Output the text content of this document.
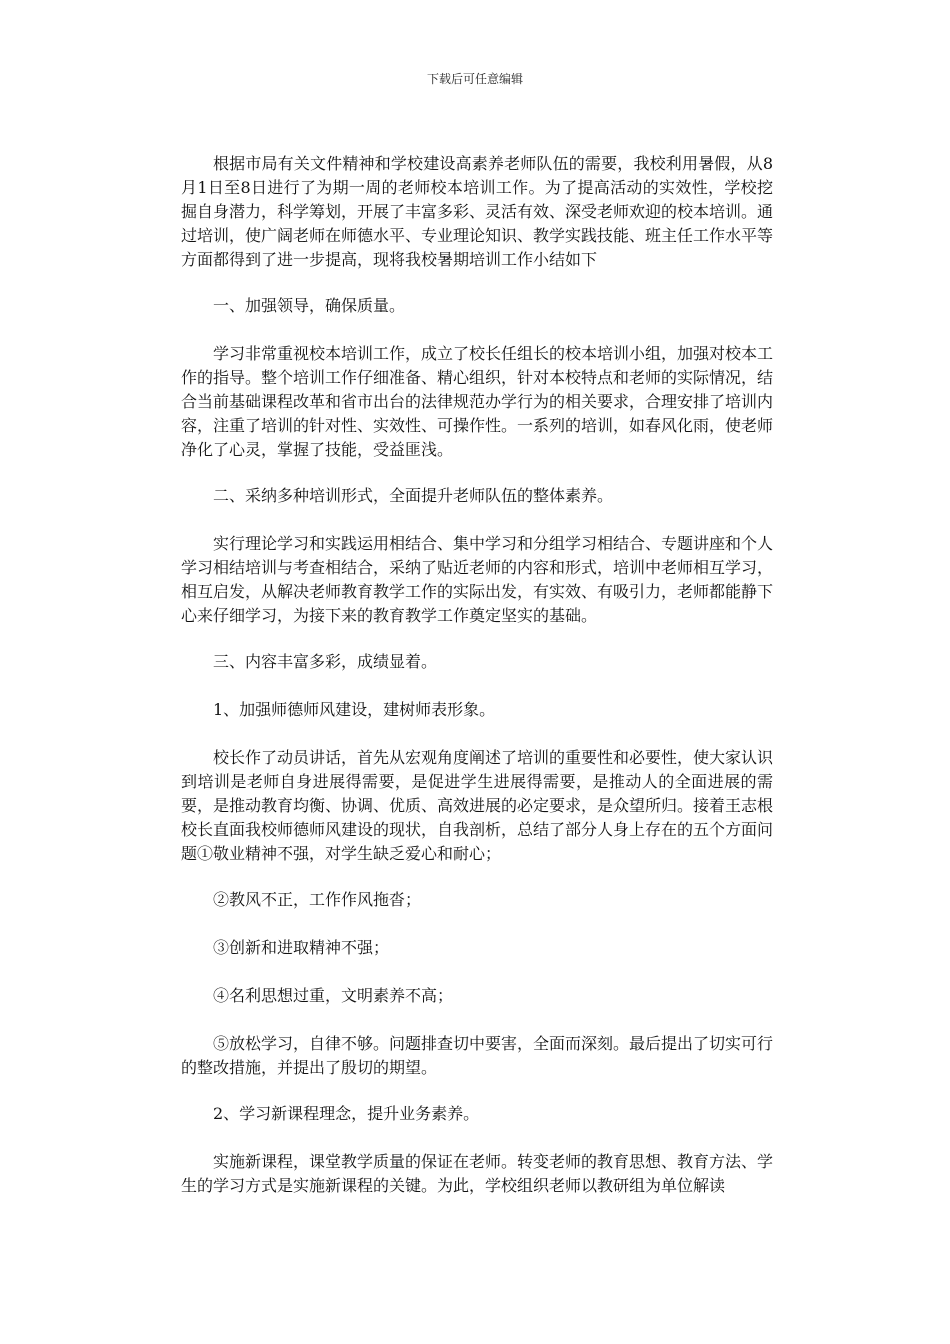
下载后可任意编辑

根据市局有关文件精神和学校建设高素养老师队伍的需要，我校利用暑假，从8月1日至8日进行了为期一周的老师校本培训工作。为了提高活动的实效性，学校挖掘自身潜力，科学筹划，开展了丰富多彩、灵活有效、深受老师欢迎的校本培训。通过培训，使广阔老师在师德水平、专业理论知识、教学实践技能、班主任工作水平等方面都得到了进一步提高，现将我校暑期培训工作小结如下

一、加强领导，确保质量。

学习非常重视校本培训工作，成立了校长任组长的校本培训小组，加强对校本工作的指导。整个培训工作仔细准备、精心组织，针对本校特点和老师的实际情况，结合当前基础课程改革和省市出台的法律规范办学行为的相关要求，合理安排了培训内容，注重了培训的针对性、实效性、可操作性。一系列的培训，如春风化雨，使老师净化了心灵，掌握了技能，受益匪浅。

二、采纳多种培训形式，全面提升老师队伍的整体素养。

实行理论学习和实践运用相结合、集中学习和分组学习相结合、专题讲座和个人学习相结培训与考查相结合，采纳了贴近老师的内容和形式，培训中老师相互学习，相互启发，从解决老师教育教学工作的实际出发，有实效、有吸引力，老师都能静下心来仔细学习，为接下来的教育教学工作奠定坚实的基础。

三、内容丰富多彩，成绩显着。

1、加强师德师风建设，建树师表形象。

校长作了动员讲话，首先从宏观角度阐述了培训的重要性和必要性，使大家认识到培训是老师自身进展得需要，是促进学生进展得需要，是推动人的全面进展的需要，是推动教育均衡、协调、优质、高效进展的必定要求，是众望所归。接着王志根校长直面我校师德师风建设的现状，自我剖析，总结了部分人身上存在的五个方面问题①敬业精神不强，对学生缺乏爱心和耐心；

②教风不正，工作作风拖沓；

③创新和进取精神不强；

④名利思想过重，文明素养不高；

⑤放松学习，自律不够。问题排查切中要害，全面而深刻。最后提出了切实可行的整改措施，并提出了殷切的期望。

2、学习新课程理念，提升业务素养。

实施新课程，课堂教学质量的保证在老师。转变老师的教育思想、教育方法、学生的学习方式是实施新课程的关键。为此，学校组织老师以教研组为单位解读
